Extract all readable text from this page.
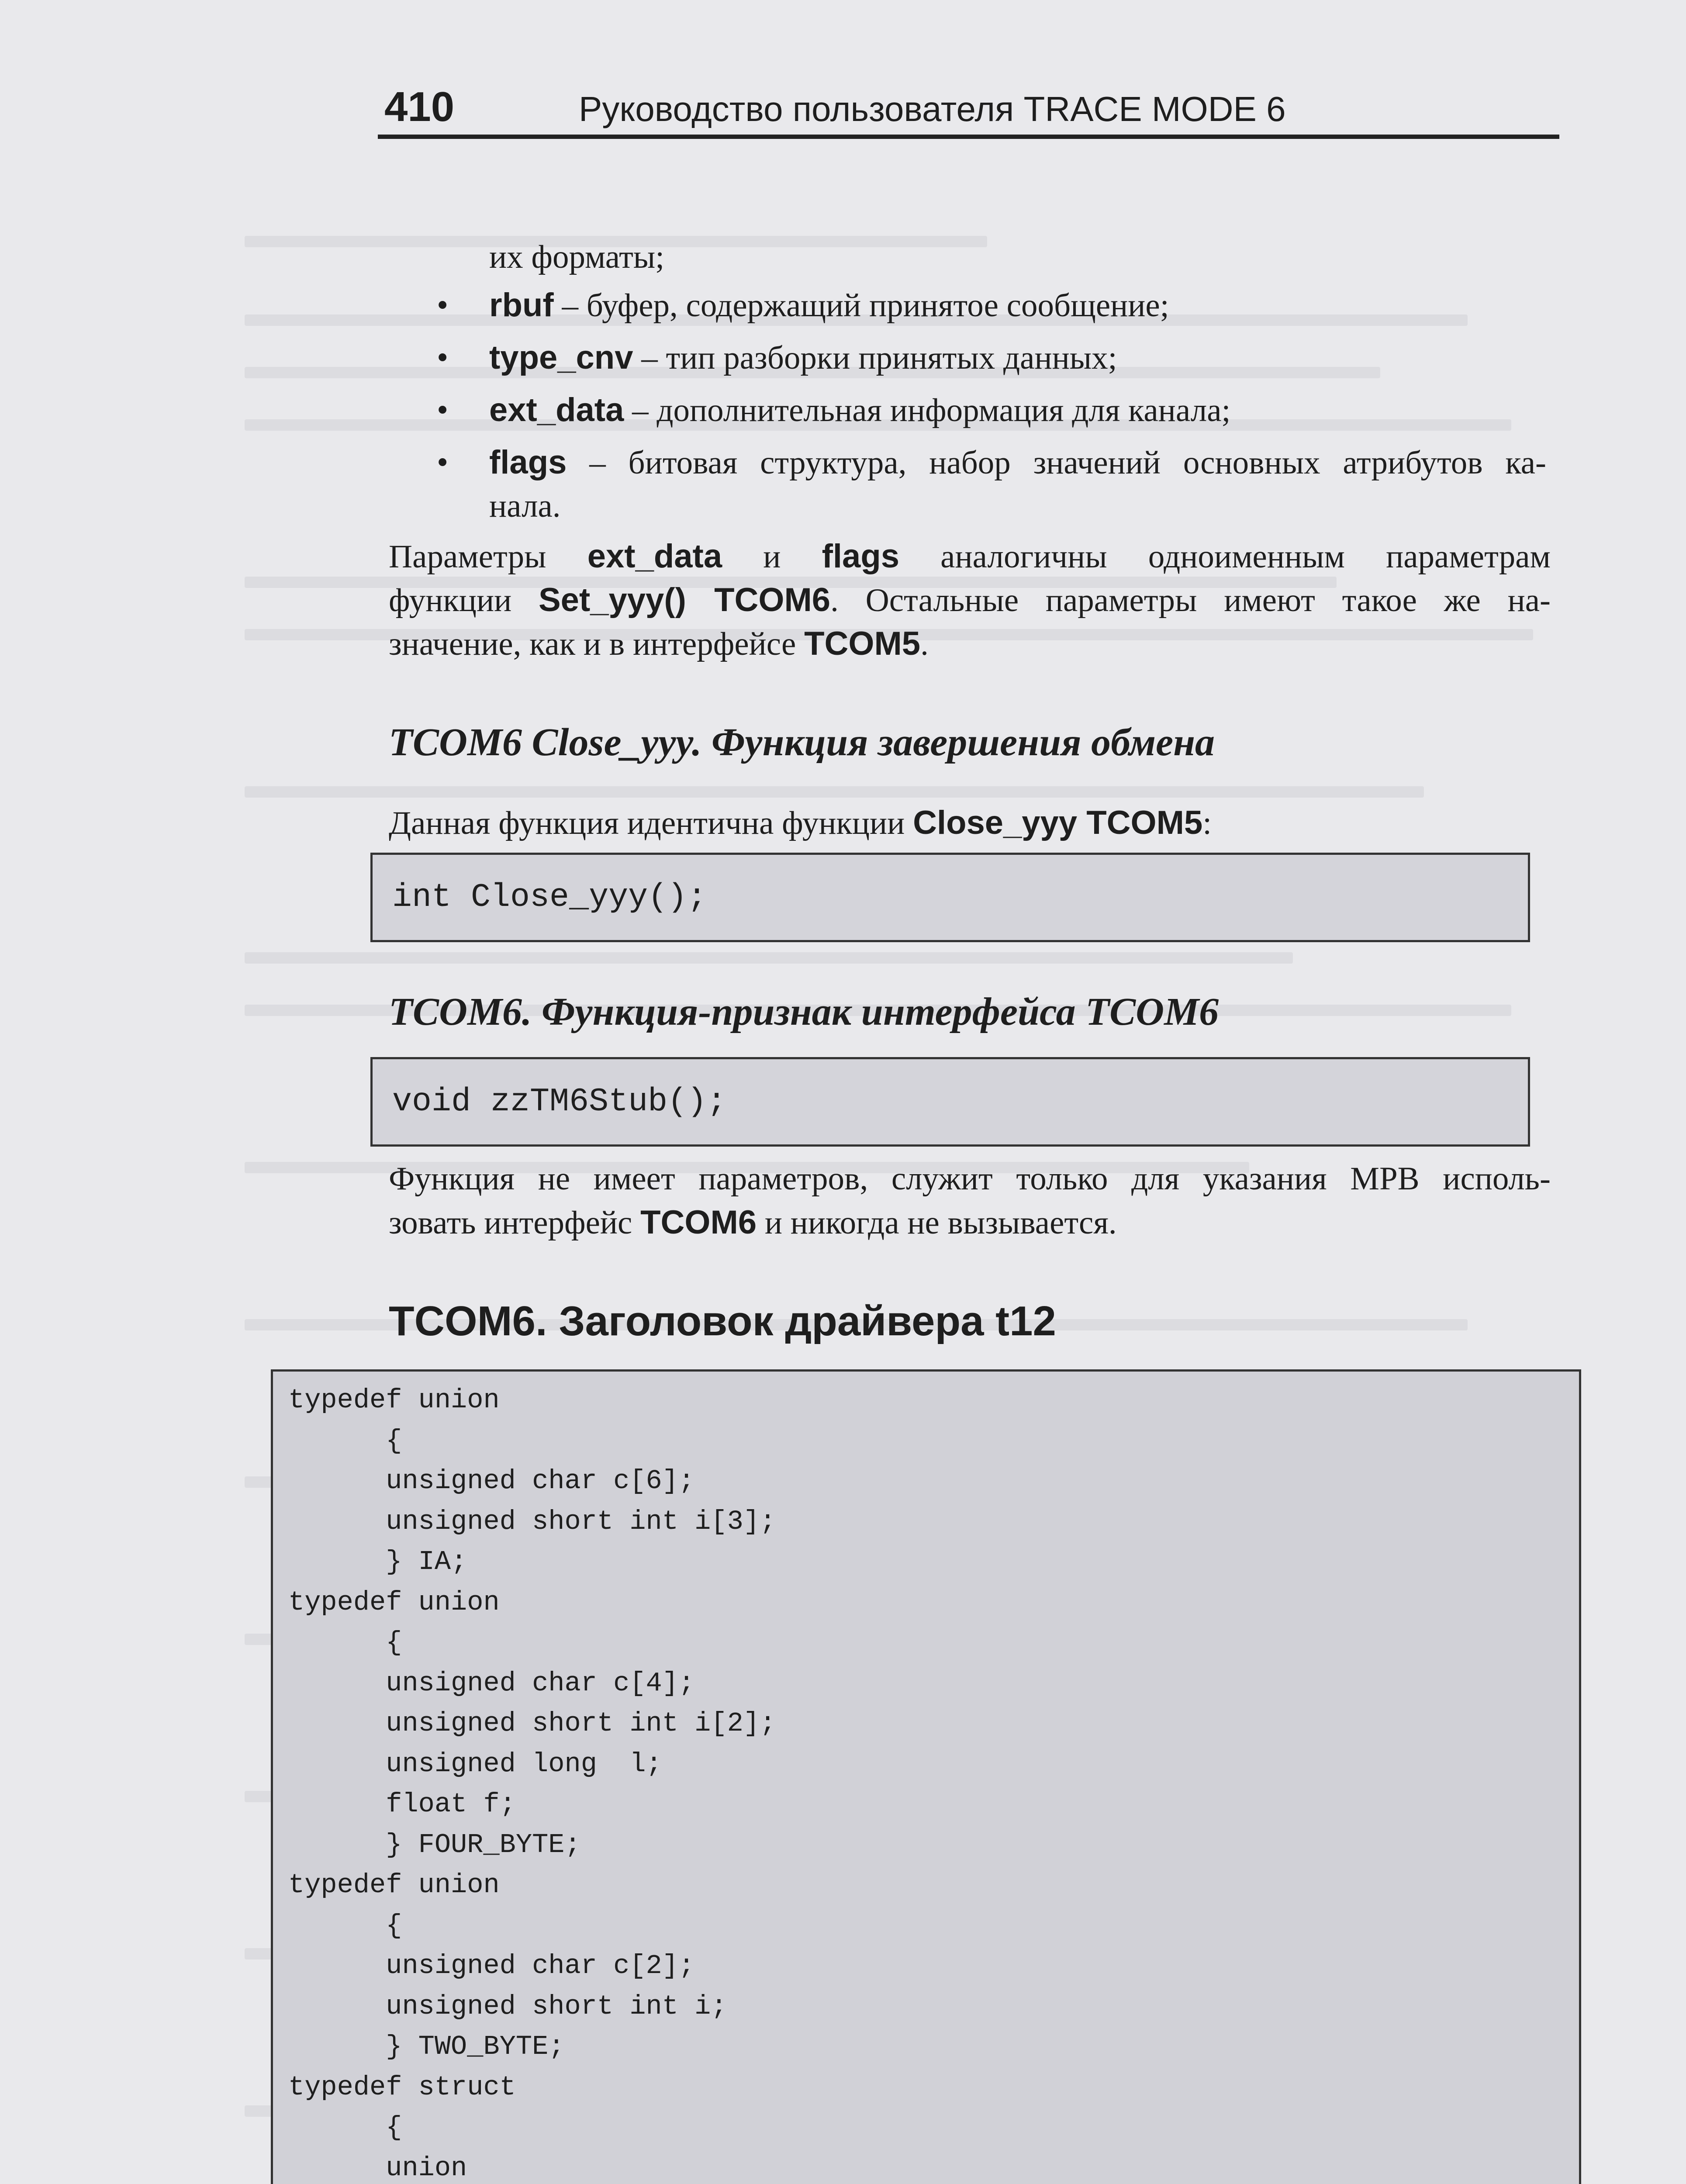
410	Руководство пользователя TRACE MODE 6
их форматы;
• rbuf – буфер, содержащий принятое сообщение;
• type_cnv – тип разборки принятых данных;
• ext_data – дополнительная информация для канала;
• flags – битовая структура, набор значений основных атрибутов ка-
нала.
Параметры ext_data и flags аналогичны одноименным параметрам
функции Set_yyy() TCOM6. Остальные параметры имеют такое же на-
значение, как и в интерфейсе TCOM5.
TCOM6 Close_yyy. Функция завершения обмена
Данная функция идентична функции Close_yyy TCOM5:
int Close_yyy();
TCOM6. Функция-признак интерфейса TCOM6
void zzTM6Stub();
Функция не имеет параметров, служит только для указания МРВ исполь-
зовать интерфейс TCOM6 и никогда не вызывается.
TCOM6. Заголовок драйвера t12
typedef union
{
unsigned char c[6];
unsigned short int i[3];
} IA;
typedef union
{
unsigned char c[4];
unsigned short int i[2];
unsigned long  l;
float f;
} FOUR_BYTE;
typedef union
{
unsigned char c[2];
unsigned short int i;
} TWO_BYTE;
typedef struct
{
union
